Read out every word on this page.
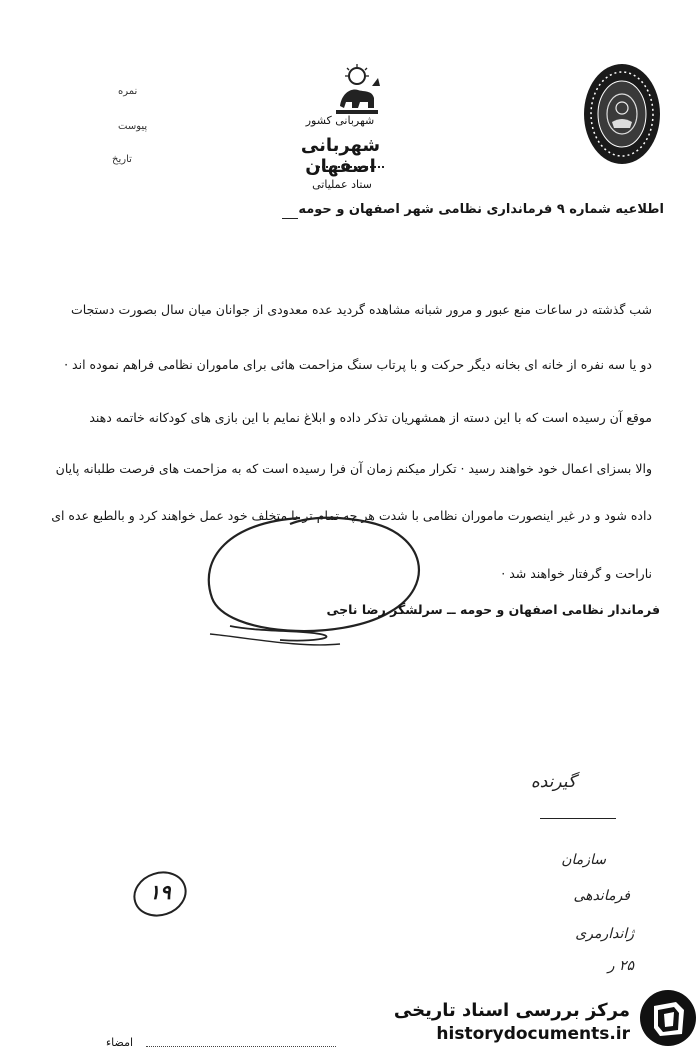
نمره
پیوست
تاریخ
شهربانی کشور
شهربانی اصفهان
ستاد عملیاتی
اطلاعیه شماره ۹ فرمانداری نظامی شهر اصفهان و حومه
شب گذشته در ساعات منع عبور و مرور شبانه مشاهده گردید عده معدودی از جوانان میان سال بصورت دستجات
دو یا سه نفره از خانه ای بخانه دیگر حرکت و با پرتاب سنگ مزاحمت هائی برای ماموران نظامی فراهم نموده اند ·
موقع آن رسیده است که با این دسته از همشهریان تذکر داده و ابلاغ نمایم با این بازی های کودکانه خاتمه دهند
والا بسزای اعمال خود خواهند رسید · تکرار میکنم زمان آن فرا رسیده است که به مزاحمت های فرصت طلبانه پایان
داده شود و در غیر اینصورت ماموران نظامی با شدت هر چه تمام تر با متخلف خود عمل خواهند کرد و بالطبع عده ای
ناراحت و گرفتار خواهند شد ·
فرماندار نظامی اصفهان و حومه ــ سرلشگر رضا ناجی
گیرنده
سازمان
فرماندهی
ژاندارمری
۲۵ ر
۱۹
امضاء
مرکز بررسی اسناد تاریخی
historydocuments.ir
